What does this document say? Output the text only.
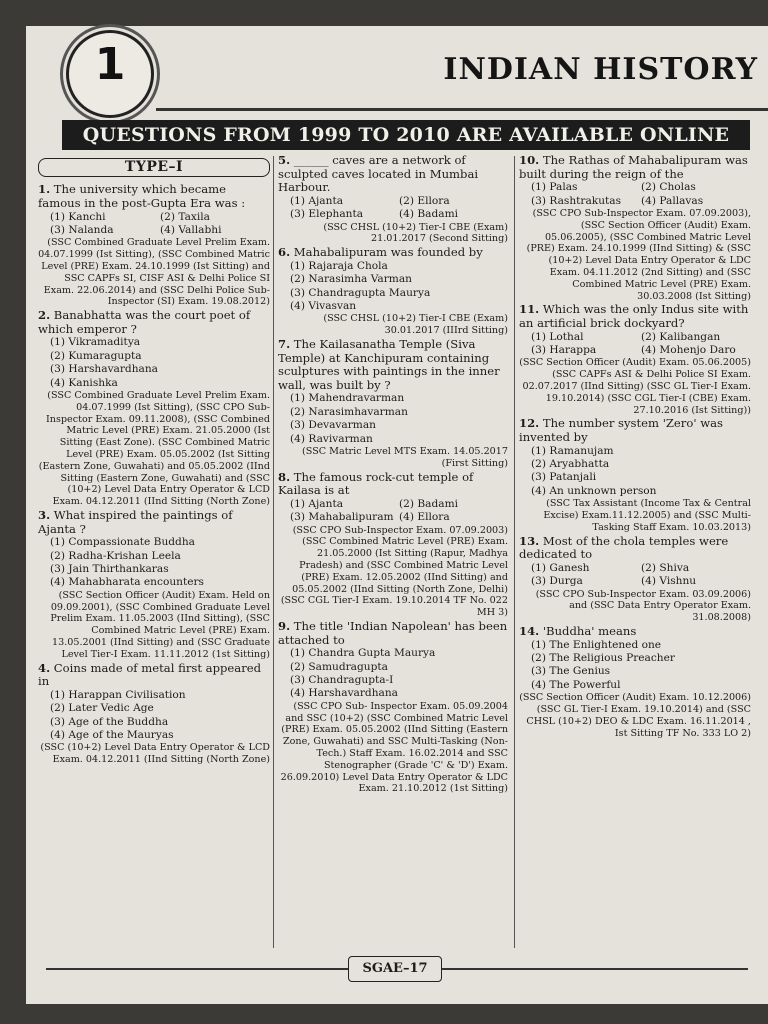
1	INDIAN HISTORY
QUESTIONS FROM 1999 TO 2010 ARE AVAILABLE ONLINE
TYPE–I
1. The university which became famous in the post-Gupta Era was :
(1) Kanchi	(2) Taxila
(3) Nalanda	(4) Vallabhi
(SSC Combined Graduate Level Prelim Exam. 04.07.1999 (Ist Sitting), (SSC Combined Matric Level (PRE) Exam. 24.10.1999 (Ist Sitting) and SSC CAPFs SI, CISF ASI & Delhi Police SI Exam. 22.06.2014) and (SSC Delhi Police Sub-Inspector (SI) Exam. 19.08.2012)
2. Banabhatta was the court poet of which emperor ?
(1) Vikramaditya
(2) Kumaragupta
(3) Harshavardhana
(4) Kanishka
(SSC Combined Graduate Level Prelim Exam. 04.07.1999 (Ist Sitting), (SSC CPO Sub-Inspector Exam. 09.11.2008), (SSC Combined Matric Level (PRE) Exam. 21.05.2000 (Ist Sitting (East Zone). (SSC Combined Matric Level (PRE) Exam. 05.05.2002 (Ist Sitting (Eastern Zone, Guwahati) and 05.05.2002 (IInd Sitting (Eastern Zone, Guwahati) and (SSC (10+2) Level Data Entry Operator & LCD Exam. 04.12.2011 (IInd Sitting (North Zone)
3. What inspired the paintings of Ajanta ?
(1) Compassionate Buddha
(2) Radha-Krishan Leela
(3) Jain Thirthankaras
(4) Mahabharata encounters
(SSC Section Officer (Audit) Exam. Held on 09.09.2001), (SSC Combined Graduate Level Prelim Exam. 11.05.2003 (IInd Sitting), (SSC Combined Matric Level (PRE) Exam. 13.05.2001 (IInd Sitting) and (SSC Graduate Level Tier-I Exam. 11.11.2012 (1st Sitting)
4. Coins made of metal first appeared in
(1) Harappan Civilisation
(2) Later Vedic Age
(3) Age of the Buddha
(4) Age of the Mauryas
(SSC (10+2) Level Data Entry Operator & LCD Exam. 04.12.2011 (IInd Sitting (North Zone)
5. ______ caves are a network of sculpted caves located in Mumbai Harbour.
(1) Ajanta	(2) Ellora
(3) Elephanta	(4) Badami
(SSC CHSL (10+2) Tier-I CBE (Exam) 21.01.2017 (Second Sitting)
6. Mahabalipuram was founded by
(1) Rajaraja Chola
(2) Narasimha Varman
(3) Chandragupta Maurya
(4) Vivasvan
(SSC CHSL (10+2) Tier-I CBE (Exam) 30.01.2017 (IIIrd Sitting)
7. The Kailasanatha Temple (Siva Temple) at Kanchipuram containing sculptures with paintings in the inner wall, was built by ?
(1) Mahendravarman
(2) Narasimhavarman
(3) Devavarman
(4) Ravivarman
(SSC Matric Level MTS Exam. 14.05.2017 (First Sitting)
8. The famous rock-cut temple of Kailasa is at
(1) Ajanta	(2) Badami
(3) Mahabalipuram (4) Ellora
(SSC CPO Sub-Inspector Exam. 07.09.2003) (SSC Combined Matric Level (PRE) Exam. 21.05.2000 (Ist Sitting (Rapur, Madhya Pradesh) and (SSC Combined Matric Level (PRE) Exam. 12.05.2002 (IInd Sitting) and 05.05.2002 (IInd Sitting (North Zone, Delhi) (SSC CGL Tier-I Exam. 19.10.2014 TF No. 022 MH 3)
9. The title 'Indian Napolean' has been attached to
(1) Chandra Gupta Maurya
(2) Samudragupta
(3) Chandragupta-I
(4) Harshavardhana
(SSC CPO Sub- Inspector Exam. 05.09.2004 and SSC (10+2) (SSC Combined Matric Level (PRE) Exam. 05.05.2002 (IInd Sitting (Eastern Zone, Guwahati) and SSC Multi-Tasking (Non-Tech.) Staff Exam. 16.02.2014 and SSC Stenographer (Grade 'C' & 'D') Exam. 26.09.2010) Level Data Entry Operator & LDC Exam. 21.10.2012 (1st Sitting)
10. The Rathas of Mahabalipuram was built during the reign of the
(1) Palas	(2) Cholas
(3) Rashtrakutas	(4) Pallavas
(SSC CPO Sub-Inspector Exam. 07.09.2003), (SSC Section Officer (Audit) Exam. 05.06.2005), (SSC Combined Matric Level (PRE) Exam. 24.10.1999 (IInd Sitting) & (SSC (10+2) Level Data Entry Operator & LDC Exam. 04.11.2012 (2nd Sitting) and (SSC Combined Matric Level (PRE) Exam. 30.03.2008 (Ist Sitting)
11. Which was the only Indus site with an artificial brick dockyard?
(1) Lothal	(2) Kalibangan
(3) Harappa	(4) Mohenjo Daro
(SSC Section Officer (Audit) Exam. 05.06.2005) (SSC CAPFs ASI & Delhi Police SI Exam. 02.07.2017 (IInd Sitting) (SSC GL Tier-I Exam. 19.10.2014) (SSC CGL Tier-I (CBE) Exam. 27.10.2016 (Ist Sitting))
12. The number system 'Zero' was invented by
(1) Ramanujam
(2) Aryabhatta
(3) Patanjali
(4) An unknown person
(SSC Tax Assistant (Income Tax & Central Excise) Exam.11.12.2005) and (SSC Multi-Tasking Staff Exam. 10.03.2013)
13. Most of the chola temples were dedicated to
(1) Ganesh	(2) Shiva
(3) Durga	(4) Vishnu
(SSC CPO Sub-Inspector Exam. 03.09.2006) and (SSC Data Entry Operator Exam. 31.08.2008)
14. 'Buddha' means
(1) The Enlightened one
(2) The Religious Preacher
(3) The Genius
(4) The Powerful
(SSC Section Officer (Audit) Exam. 10.12.2006) (SSC GL Tier-I Exam. 19.10.2014) and (SSC CHSL (10+2) DEO & LDC Exam. 16.11.2014 , Ist Sitting TF No. 333 LO 2)
SGAE–17
